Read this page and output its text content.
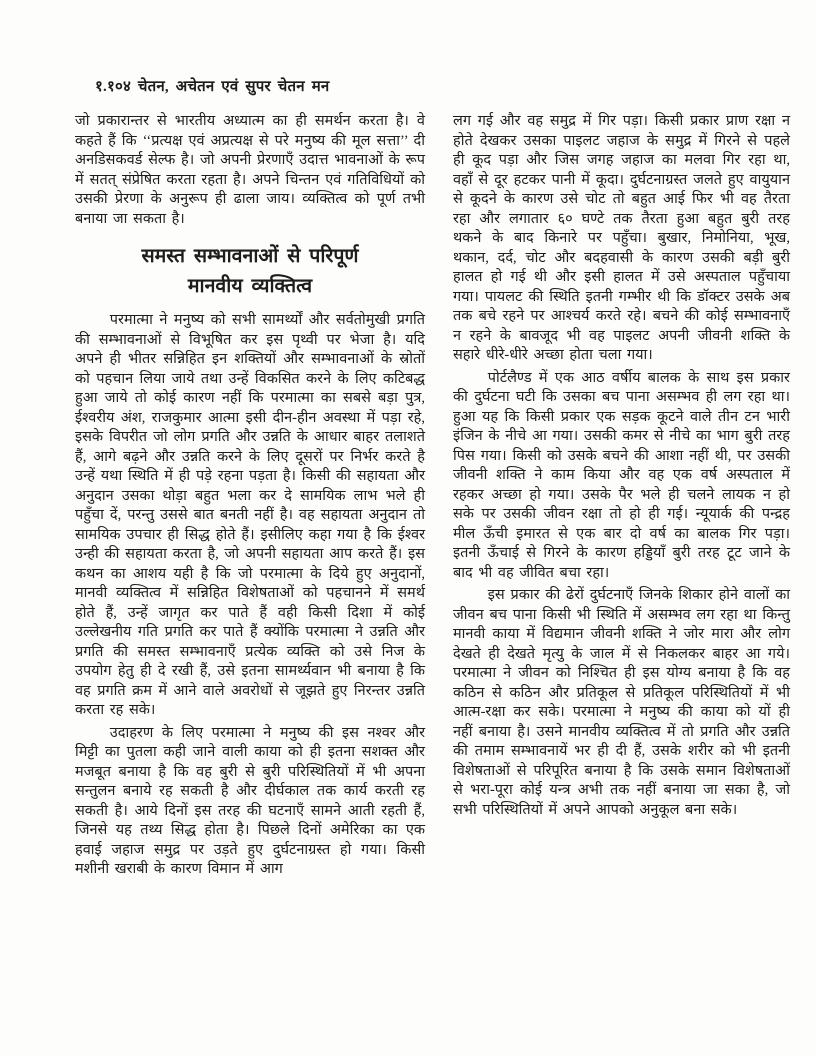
१.१०४ चेतन, अचेतन एवं सुपर चेतन मन

जो प्रकारान्तर से भारतीय अध्यात्म का ही समर्थन करता है। वे कहते हैं कि ‘‘प्रत्यक्ष एवं अप्रत्यक्ष से परे मनुष्य की मूल सत्ता’’ दी अनडिसकवर्ड सेल्फ है। जो अपनी प्रेरणाएँ उदात्त भावनाओं के रूप में सतत् संप्रेषित करता रहता है। अपने चिन्तन एवं गतिविधियों को उसकी प्रेरणा के अनुरूप ही ढाला जाय। व्यक्तित्व को पूर्ण तभी बनाया जा सकता है।

समस्त सम्भावनाओं से परिपूर्ण
मानवीय व्यक्तित्व

परमात्मा ने मनुष्य को सभी सामर्थ्यों और सर्वतोमुखी प्रगति की सम्भावनाओं से विभूषित कर इस पृथ्वी पर भेजा है। यदि अपने ही भीतर सन्निहित इन शक्तियों और सम्भावनाओं के स्रोतों को पहचान लिया जाये तथा उन्हें विकसित करने के लिए कटिबद्ध हुआ जाये तो कोई कारण नहीं कि परमात्मा का सबसे बड़ा पुत्र, ईश्वरीय अंश, राजकुमार आत्मा इसी दीन-हीन अवस्था में पड़ा रहे, इसके विपरीत जो लोग प्रगति और उन्नति के आधार बाहर तलाशते हैं, आगे बढ़ने और उन्नति करने के लिए दूसरों पर निर्भर करते है उन्हें यथा स्थिति में ही पड़े रहना पड़ता है। किसी की सहायता और अनुदान उसका थोड़ा बहुत भला कर दे सामयिक लाभ भले ही पहुँचा दें, परन्तु उससे बात बनती नहीं है। वह सहायता अनुदान तो सामयिक उपचार ही सिद्ध होते हैं। इसीलिए कहा गया है कि ईश्वर उन्ही की सहायता करता है, जो अपनी सहायता आप करते हैं। इस कथन का आशय यही है कि जो परमात्मा के दिये हुए अनुदानों, मानवी व्यक्तित्व में सन्निहित विशेषताओं को पहचानने में समर्थ होते हैं, उन्हें जागृत कर पाते हैं वही किसी दिशा में कोई उल्लेखनीय गति प्रगति कर पाते हैं क्योंकि परमात्मा ने उन्नति और प्रगति की समस्त सम्भावनाएँ प्रत्येक व्यक्ति को उसे निज के उपयोग हेतु ही दे रखी हैं, उसे इतना सामर्थ्यवान भी बनाया है कि वह प्रगति क्रम में आने वाले अवरोधों से जूझते हुए निरन्तर उन्नति करता रह सके।

उदाहरण के लिए परमात्मा ने मनुष्य की इस नश्वर और मिट्टी का पुतला कही जाने वाली काया को ही इतना सशक्त और मजबूत बनाया है कि वह बुरी से बुरी परिस्थितियों में भी अपना सन्तुलन बनाये रह सकती है और दीर्घकाल तक कार्य करती रह सकती है। आये दिनों इस तरह की घटनाएँ सामने आती रहती हैं, जिनसे यह तथ्य सिद्ध होता है। पिछले दिनों अमेरिका का एक हवाई जहाज समुद्र पर उड़ते हुए दुर्घटनाग्रस्त हो गया। किसी मशीनी खराबी के कारण विमान में आग

लग गई और वह समुद्र में गिर पड़ा। किसी प्रकार प्राण रक्षा न होते देखकर उसका पाइलट जहाज के समुद्र में गिरने से पहले ही कूद पड़ा और जिस जगह जहाज का मलवा गिर रहा था, वहाँ से दूर हटकर पानी में कूदा। दुर्घटनाग्रस्त जलते हुए वायुयान से कूदने के कारण उसे चोट तो बहुत आई फिर भी वह तैरता रहा और लगातार ६० घण्टे तक तैरता हुआ बहुत बुरी तरह थकने के बाद किनारे पर पहुँचा। बुखार, निमोनिया, भूख, थकान, दर्द, चोट और बदहवासी के कारण उसकी बड़ी बुरी हालत हो गई थी और इसी हालत में उसे अस्पताल पहुँचाया गया। पायलट की स्थिति इतनी गम्भीर थी कि डॉक्टर उसके अब तक बचे रहने पर आश्चर्य करते रहे। बचने की कोई सम्भावनाएँ न रहने के बावजूद भी वह पाइलट अपनी जीवनी शक्ति के सहारे धीरे-धीरे अच्छा होता चला गया।

पोर्टलैण्ड में एक आठ वर्षीय बालक के साथ इस प्रकार की दुर्घटना घटी कि उसका बच पाना असम्भव ही लग रहा था। हुआ यह कि किसी प्रकार एक सड़क कूटने वाले तीन टन भारी इंजिन के नीचे आ गया। उसकी कमर से नीचे का भाग बुरी तरह पिस गया। किसी को उसके बचने की आशा नहीं थी, पर उसकी जीवनी शक्ति ने काम किया और वह एक वर्ष अस्पताल में रहकर अच्छा हो गया। उसके पैर भले ही चलने लायक न हो सके पर उसकी जीवन रक्षा तो हो ही गई। न्यूयार्क की पन्द्रह मील ऊँची इमारत से एक बार दो वर्ष का बालक गिर पड़ा। इतनी ऊँचाई से गिरने के कारण हड्डियाँ बुरी तरह टूट जाने के बाद भी वह जीवित बचा रहा।

इस प्रकार की ढेरों दुर्घटनाएँ जिनके शिकार होने वालों का जीवन बच पाना किसी भी स्थिति में असम्भव लग रहा था किन्तु मानवी काया में विद्यमान जीवनी शक्ति ने जोर मारा और लोग देखते ही देखते मृत्यु के जाल में से निकलकर बाहर आ गये। परमात्मा ने जीवन को निश्चित ही इस योग्य बनाया है कि वह कठिन से कठिन और प्रतिकूल से प्रतिकूल परिस्थितियों में भी आत्म-रक्षा कर सके। परमात्मा ने मनुष्य की काया को यों ही नहीं बनाया है। उसने मानवीय व्यक्तित्व में तो प्रगति और उन्नति की तमाम सम्भावनायें भर ही दी हैं, उसके शरीर को भी इतनी विशेषताओं से परिपूरित बनाया है कि उसके समान विशेषताओं से भरा-पूरा कोई यन्त्र अभी तक नहीं बनाया जा सका है, जो सभी परिस्थितियों में अपने आपको अनुकूल बना सके।
